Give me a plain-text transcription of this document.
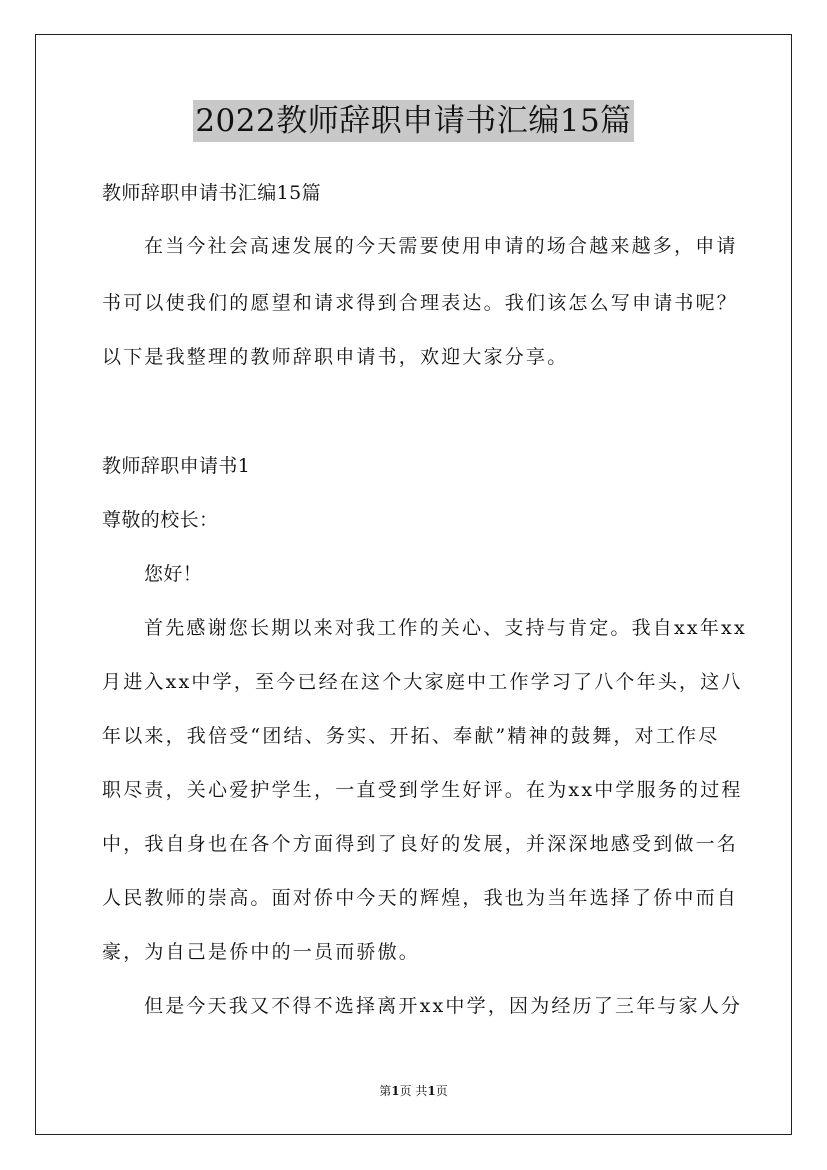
2022教师辞职申请书汇编15篇
教师辞职申请书汇编15篇
在当今社会高速发展的今天需要使用申请的场合越来越多，申请
书可以使我们的愿望和请求得到合理表达。我们该怎么写申请书呢？
以下是我整理的教师辞职申请书，欢迎大家分享。
教师辞职申请书1
尊敬的校长：
您好！
首先感谢您长期以来对我工作的关心、支持与肯定。我自xx年xx
月进入xx中学，至今已经在这个大家庭中工作学习了八个年头，这八
年以来，我倍受“团结、务实、开拓、奉献”精神的鼓舞，对工作尽
职尽责，关心爱护学生，一直受到学生好评。在为xx中学服务的过程
中，我自身也在各个方面得到了良好的发展，并深深地感受到做一名
人民教师的崇高。面对侨中今天的辉煌，我也为当年选择了侨中而自
豪，为自己是侨中的一员而骄傲。
但是今天我又不得不选择离开xx中学，因为经历了三年与家人分
第1页 共1页
